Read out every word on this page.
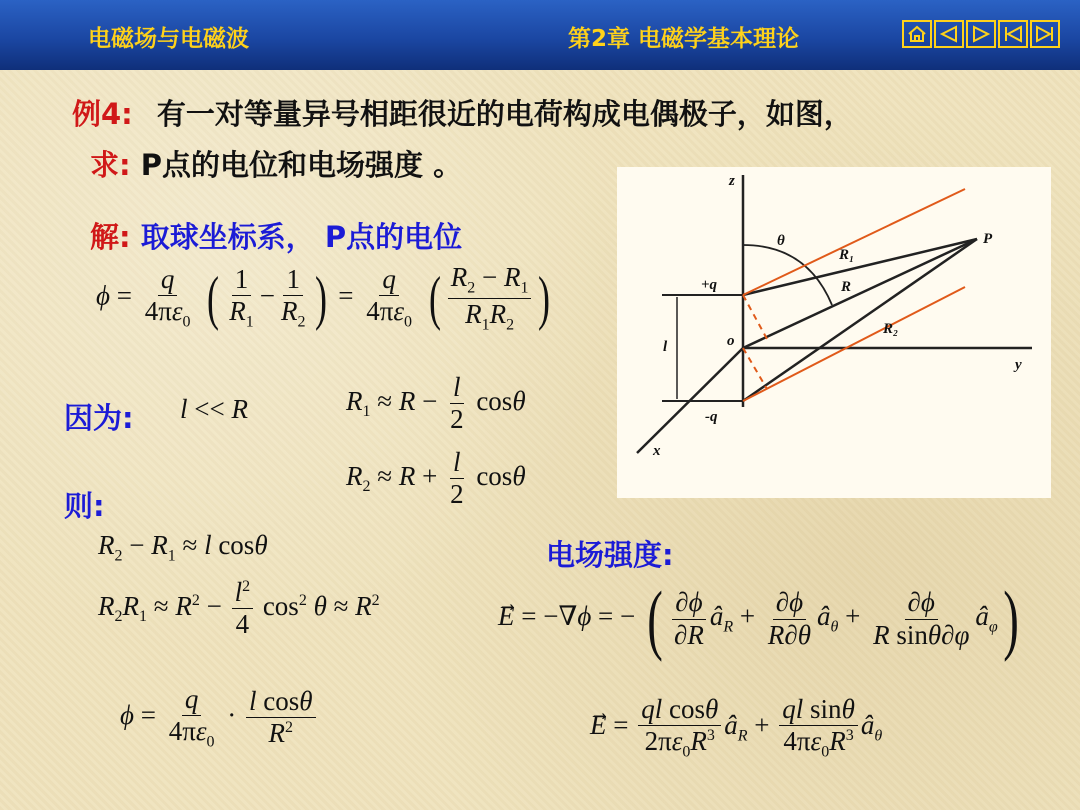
电磁场与电磁波	第2章 电磁学基本理论
例4: 有一对等量异号相距很近的电荷构成电偶极子，如图，
求: P点的电位和电场强度 。
解: 取球坐标系， P点的电位
$\phi = \frac{q}{4\pi\varepsilon_0}$ ( $\frac{1}{R_1} - \frac{1}{R_2}$ ) = $\frac{q}{4\pi\varepsilon_0}$ ( $\frac{R_2 - R_1}{R_1R_2}$ )
因为: l << R	$R_1 \approx R - \frac{l}{2}$ cosθ
$R_2 \approx R + \frac{l}{2}$ cosθ
则:
$R_2 - R_1 \approx l$ cosθ
$R_2R_1 \approx R^2 - \frac{l^2}{4} \cos^2 \theta \approx R^2$
$\phi = \frac{q}{4\pi\varepsilon_0} \cdot \frac{\text{l cosθ}}{R^2}$
电场强度:
E⃗ = −∇ϕ = − ( $\frac{\partial\phi}{\partial R}$ $â_R + \frac{\partial\phi}{R\partial\theta}$ $â_\theta + \frac{\partial\phi}{\text{R sinθ∂φ}}$ $â_\varphi$)
E⃗ = $\frac{\text{ql cosθ}}{2\pi\varepsilon_0R^3}$ $â_R + \frac{\text{ql sinθ}}{4\pi\varepsilon_0R^3}$ $â_\theta$
z
θ
R₁
P
+q	R
R₂
o
l
y
-q
x
